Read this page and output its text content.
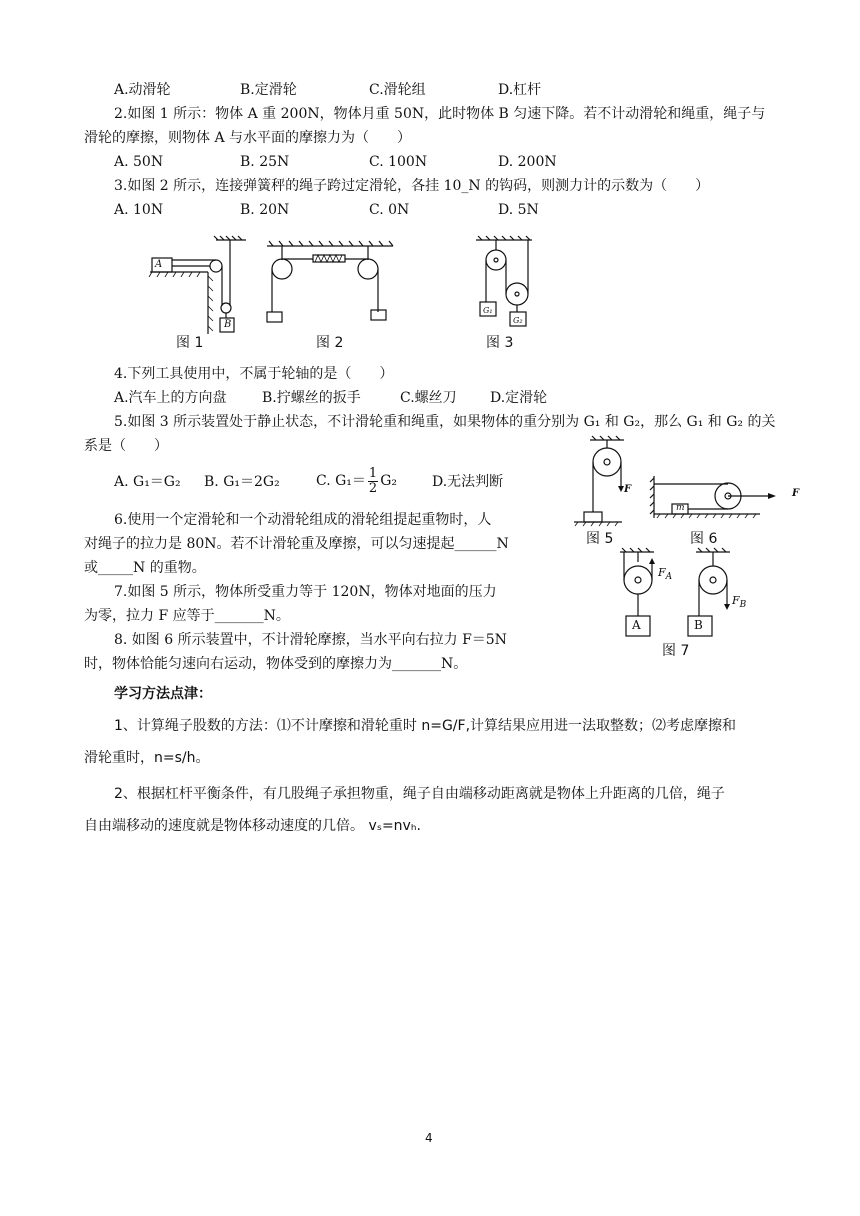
A.动滑轮	B.定滑轮	C.滑轮组	D.杠杆
2.如图 1 所示：物体 A 重 200N，物体月重 50N，此时物体 B 匀速下降。若不计动滑轮和绳重，绳子与
滑轮的摩擦，则物体 A 与水平面的摩擦力为（　　）
A. 50N	B. 25N	C. 100N	D. 200N
3.如图 2 所示，连接弹簧秤的绳子跨过定滑轮，各挂 10_N 的钩码，则测力计的示数为（　　）
A. 10N	B. 20N	C. 0N	D. 5N
A
B
图 1	图 2
G₁
G₂
图 3
4.下列工具使用中，不属于轮轴的是（　　）
A.汽车上的方向盘	B.拧螺丝的扳手	C.螺丝刀 D.定滑轮
5.如图 3 所示装置处于静止状态，不计滑轮重和绳重，如果物体的重分别为 G₁ 和 G₂，那么 G₁ 和 G₂ 的关
系是（　　）
A. G₁＝G₂ B. G₁＝2G₂	C. $G_1= \frac{1}{2} G_2$	D.无法判断	F
图 5
m
F
图 6
$F_A$
$F_B$
A	B
图 7
6.使用一个定滑轮和一个动滑轮组成的滑轮组提起重物时，人
对绳子的拉力是 80N。若不计滑轮重及摩擦，可以匀速提起______N
或_____N 的重物。
7.如图 5 所示，物体所受重力等于 120N，物体对地面的压力
为零，拉力 F 应等于_______N。
8. 如图 6 所示装置中，不计滑轮摩擦，当水平向右拉力 F＝5N
时，物体恰能匀速向右运动，物体受到的摩擦力为_______N。
学习方法点津：
1、计算绳子股数的方法：⑴不计摩擦和滑轮重时 n=G/F,计算结果应用进一法取整数；⑵考虑摩擦和
滑轮重时，n=s/h。
2、根据杠杆平衡条件，有几股绳子承担物重，绳子自由端移动距离就是物体上升距离的几倍，绳子
自由端移动的速度就是物体移动速度的几倍。 vₛ=nvₕ.
4
